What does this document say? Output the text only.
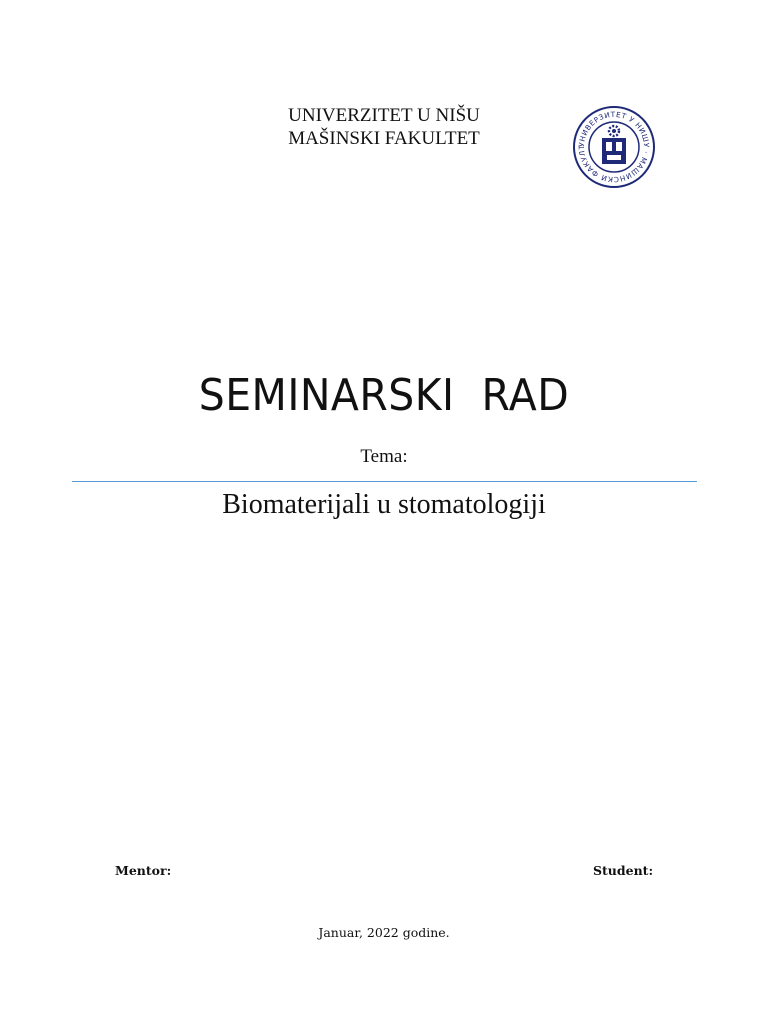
UNIVERZITET U NIŠU
MAŠINSKI FAKULTET	УНИВЕРЗИТЕТ У НИШУ · МАШИНСКИ ФАКУЛТ
SEMINARSKI  RAD
Tema:
Biomaterijali u stomatologiji
Mentor:	Student:
Januar, 2022 godine.
